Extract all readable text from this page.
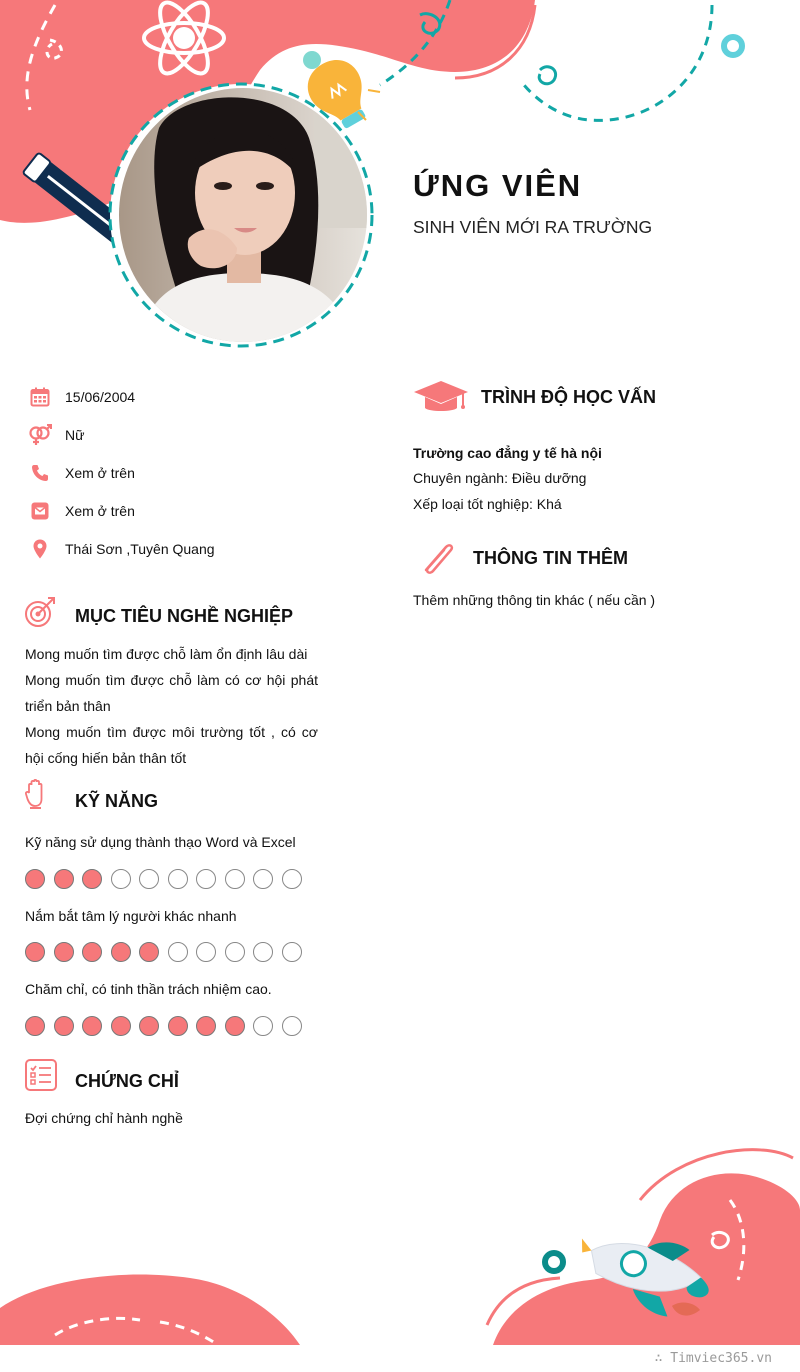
ỨNG VIÊN
SINH VIÊN MỚI RA TRƯỜNG
15/06/2004
Nữ
Xem ở trên
Xem ở trên
Thái Sơn ,Tuyên Quang
MỤC TIÊU NGHỀ NGHIỆP
Mong muốn tìm được chỗ làm ổn định lâu dài
Mong muốn tìm được chỗ làm có cơ hội phát triển bản thân
Mong muốn tìm được môi trường tốt , có cơ hội cống hiến bản thân tốt
KỸ NĂNG
Kỹ năng sử dụng thành thạo Word và Excel
Nắm bắt tâm lý người khác nhanh
Chăm chỉ, có tinh thần trách nhiệm cao.
CHỨNG CHỈ
Đợi chứng chỉ hành nghề
TRÌNH ĐỘ HỌC VẤN
Trường cao đẳng y tế hà nội
Chuyên ngành: Điều dưỡng
Xếp loại tốt nghiệp: Khá
THÔNG TIN THÊM
Thêm những thông tin khác ( nếu cần )
∴ Timviec365.vn
